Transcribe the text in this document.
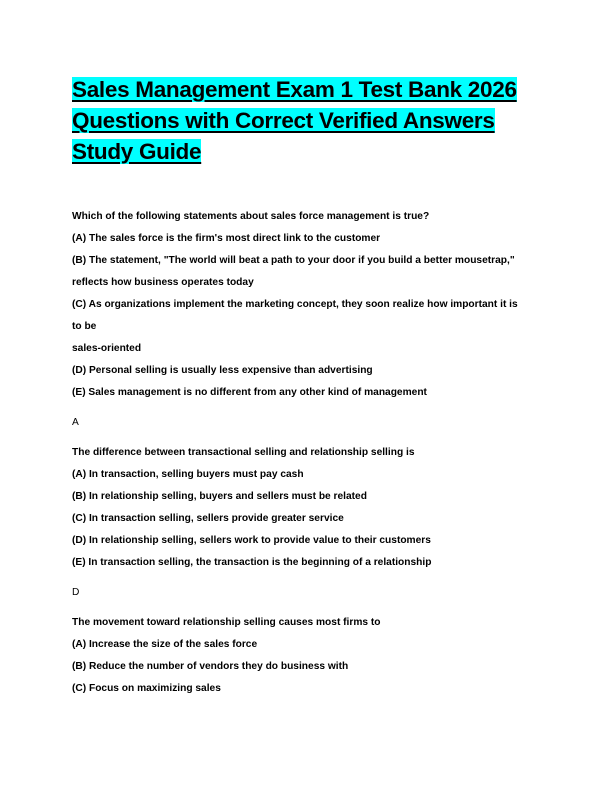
Sales Management Exam 1 Test Bank 2026
Questions with Correct Verified Answers
Study Guide
Which of the following statements about sales force management is true?
(A) The sales force is the firm's most direct link to the customer
(B) The statement, "The world will beat a path to your door if you build a better mousetrap,"
reflects how business operates today
(C) As organizations implement the marketing concept, they soon realize how important it is
to be
sales-oriented
(D) Personal selling is usually less expensive than advertising
(E) Sales management is no different from any other kind of management
A
The difference between transactional selling and relationship selling is
(A) In transaction, selling buyers must pay cash
(B) In relationship selling, buyers and sellers must be related
(C) In transaction selling, sellers provide greater service
(D) In relationship selling, sellers work to provide value to their customers
(E) In transaction selling, the transaction is the beginning of a relationship
D
The movement toward relationship selling causes most firms to
(A) Increase the size of the sales force
(B) Reduce the number of vendors they do business with
(C) Focus on maximizing sales
